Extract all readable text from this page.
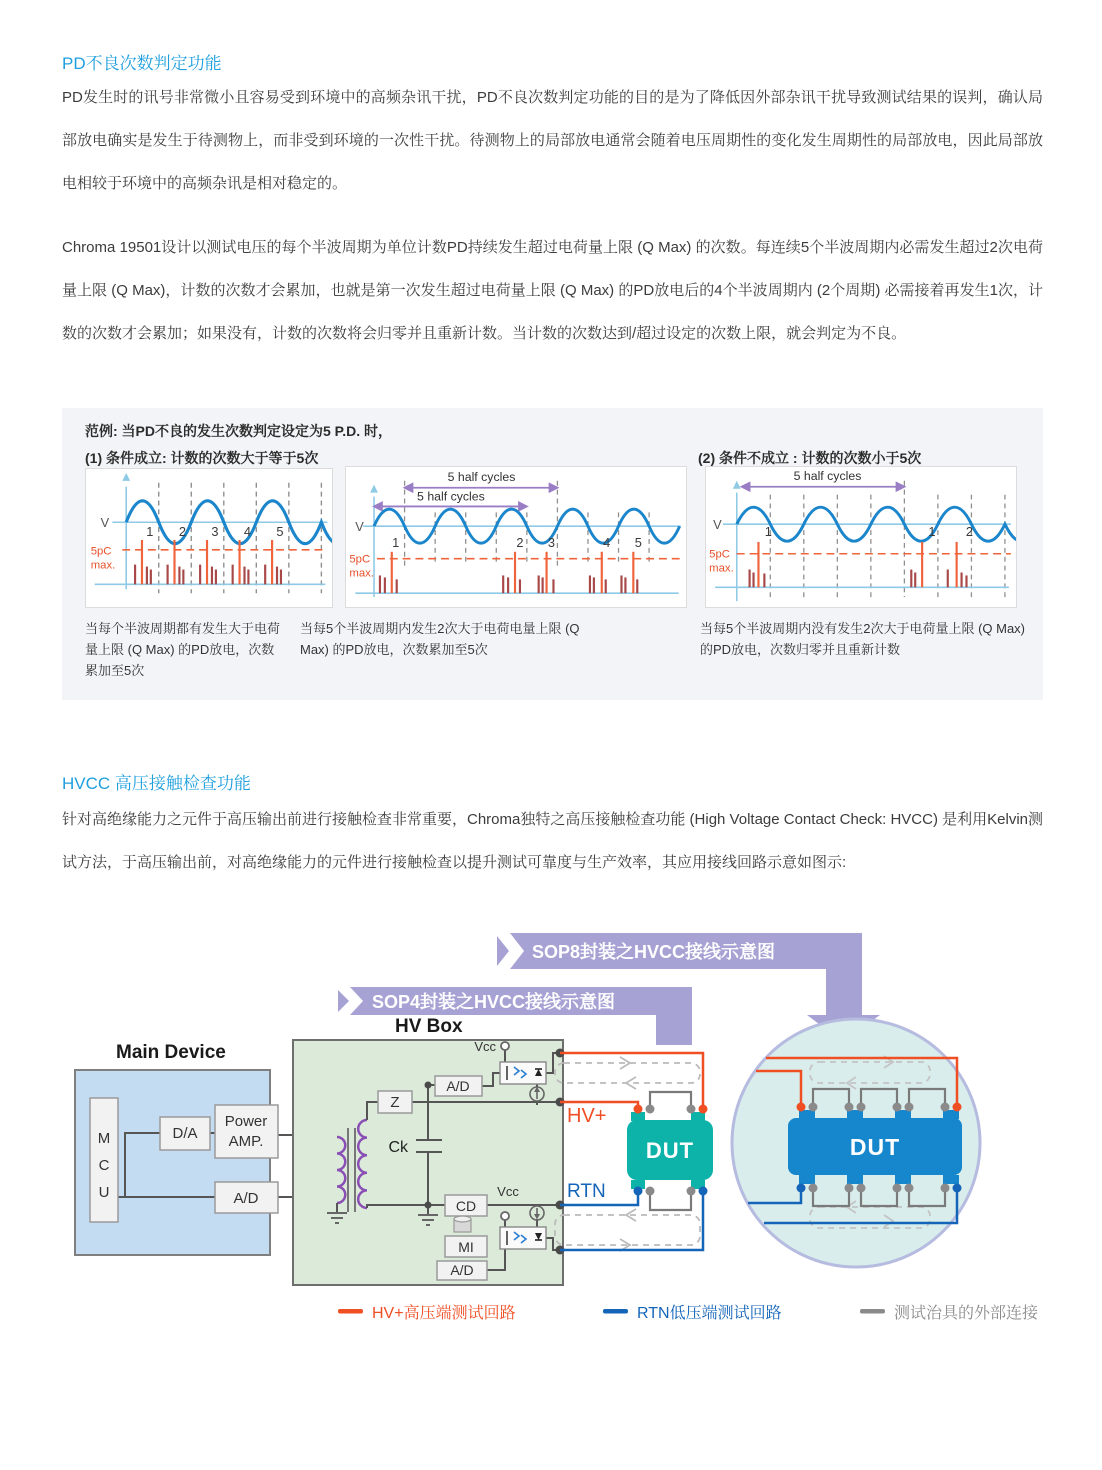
PD不良次数判定功能
PD发生时的讯号非常微小且容易受到环境中的高频杂讯干扰，PD不良次数判定功能的目的是为了降低因外部杂讯干扰导致测试结果的误判，确认局部放电确实是发生于待测物上，而非受到环境的一次性干扰。待测物上的局部放电通常会随着电压周期性的变化发生周期性的局部放电，因此局部放电相较于环境中的高频杂讯是相对稳定的。
Chroma 19501设计以测试电压的每个半波周期为单位计数PD持续发生超过电荷量上限 (Q Max) 的次数。每连续5个半波周期内必需发生超过2次电荷量上限 (Q Max)，计数的次数才会累加，也就是第一次发生超过电荷量上限 (Q Max) 的PD放电后的4个半波周期内 (2个周期) 必需接着再发生1次，计数的次数才会累加；如果没有，计数的次数将会归零并且重新计数。当计数的次数达到/超过设定的次数上限，就会判定为不良。
范例: 当PD不良的发生次数判定设定为5 P.D. 时，
(1) 条件成立: 计数的次数大于等于5次	(2) 条件不成立 : 计数的次数小于5次
V
5pC
max.
1 2 3 4 5
5 half cycles
5 half cycles
V
5pC
max.
1	2 3	4 5
5 half cycles
V
5pC
max.
1	1 2
当每个半波周期都有发生大于电荷量上限 (Q Max) 的PD放电，次数累加至5次
当每5个半波周期内发生2次大于电荷电量上限 (Q Max) 的PD放电，次数累加至5次
当每5个半波周期内没有发生2次大于电荷量上限 (Q Max) 的PD放电，次数归零并且重新计数
HVCC 高压接触检查功能
针对高绝缘能力之元件于高压输出前进行接触检查非常重要，Chroma独特之高压接触检查功能 (High Voltage Contact Check: HVCC) 是利用Kelvin测试方法，于高压输出前，对高绝缘能力的元件进行接触检查以提升测试可靠度与生产效率，其应用接线回路示意如图示:
SOP8封装之HVCC接线示意图
DUT
SOP4封装之HVCC接线示意图
HV Box
Main Device
M
C
U
D/A
Power
AMP.
A/D
Z
Ck
A/D
Vcc
CD
Vcc
MI
A/D
HV+
RTN
DUT
HV+高压端测试回路	RTN低压端测试回路	测试治具的外部连接
